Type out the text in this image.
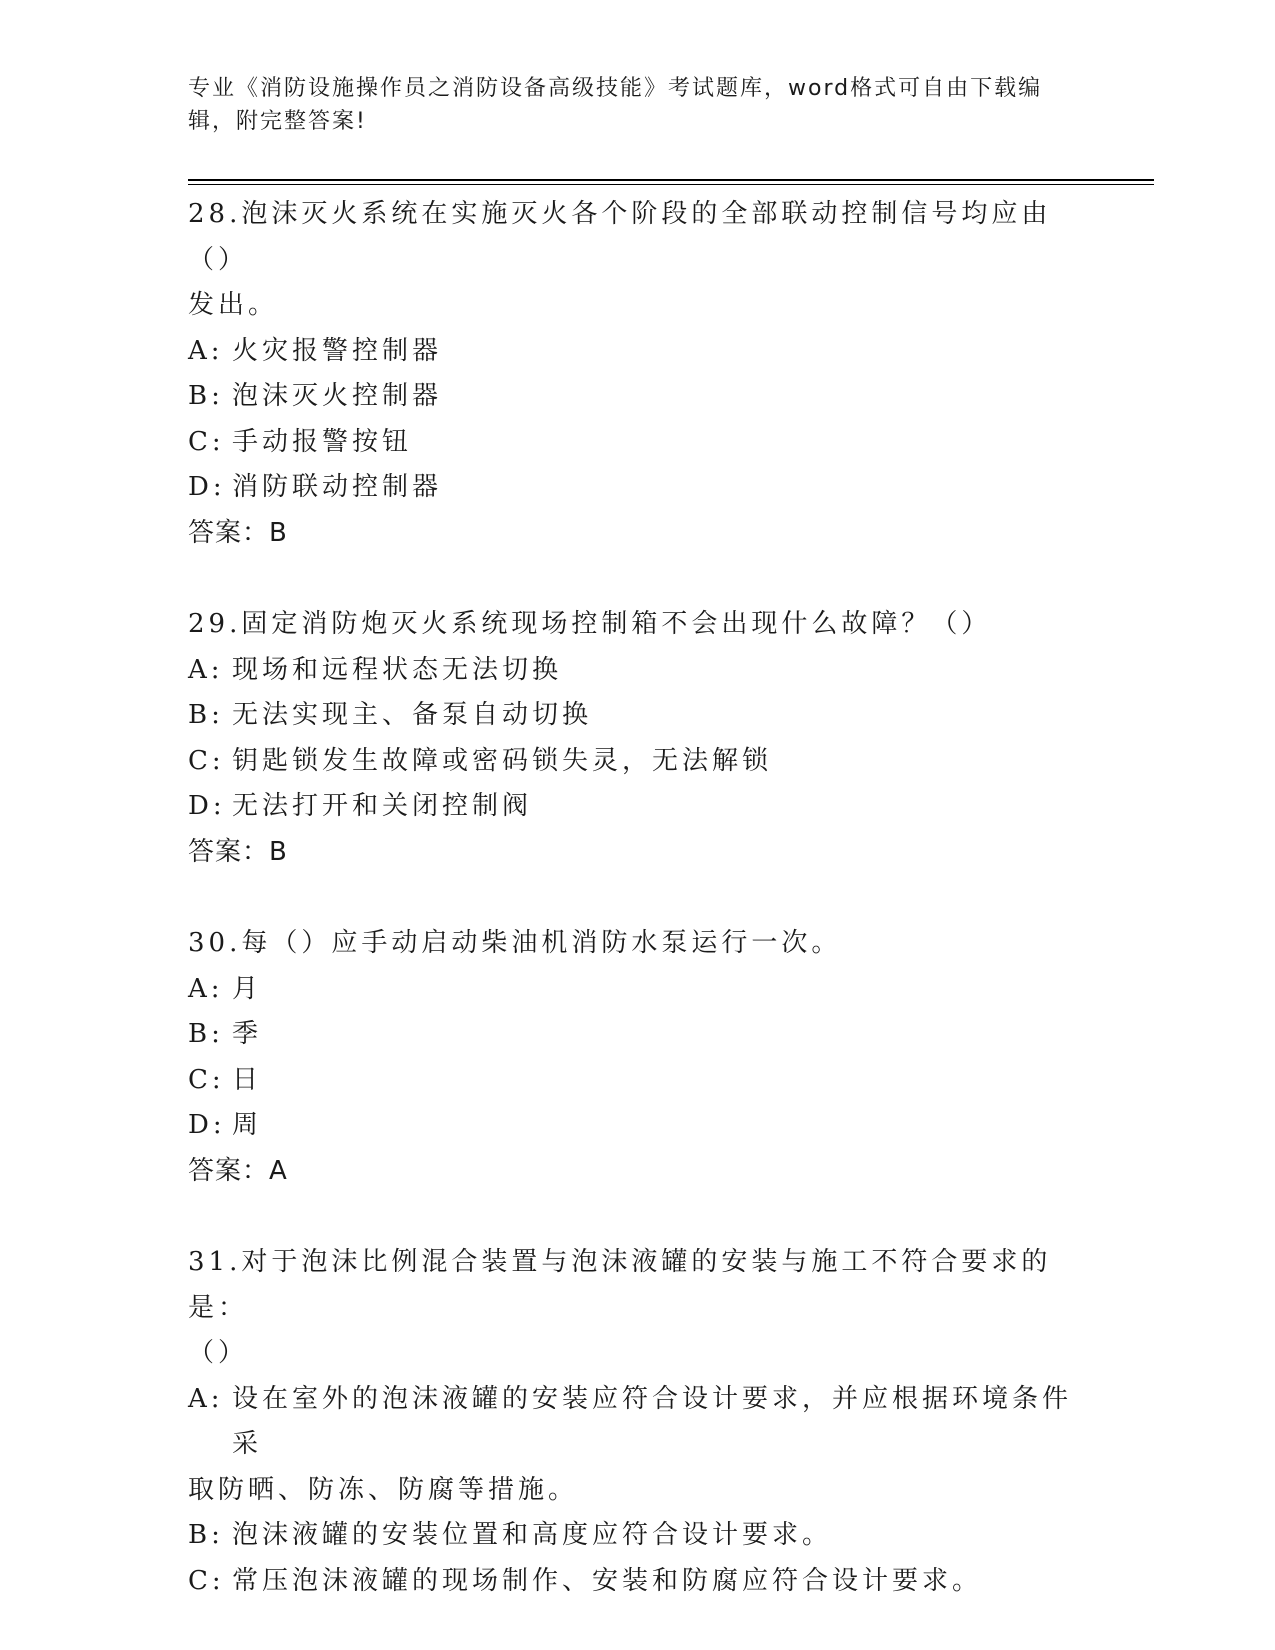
专业《消防设施操作员之消防设备高级技能》考试题库，word格式可自由下载编
辑，附完整答案!
28.泡沫灭火系统在实施灭火各个阶段的全部联动控制信号均应由（）
发出。
A: 火灾报警控制器
B: 泡沫灭火控制器
C: 手动报警按钮
D: 消防联动控制器
答案：B
29.固定消防炮灭火系统现场控制箱不会出现什么故障？（）
A: 现场和远程状态无法切换
B: 无法实现主、备泵自动切换
C: 钥匙锁发生故障或密码锁失灵，无法解锁
D: 无法打开和关闭控制阀
答案：B
30.每（）应手动启动柴油机消防水泵运行一次。
A: 月
B: 季
C: 日
D: 周
答案：A
31.对于泡沫比例混合装置与泡沫液罐的安装与施工不符合要求的是：
（）
A: 设在室外的泡沫液罐的安装应符合设计要求，并应根据环境条件采
取防晒、防冻、防腐等措施。
B: 泡沫液罐的安装位置和高度应符合设计要求。
C: 常压泡沫液罐的现场制作、安装和防腐应符合设计要求。
